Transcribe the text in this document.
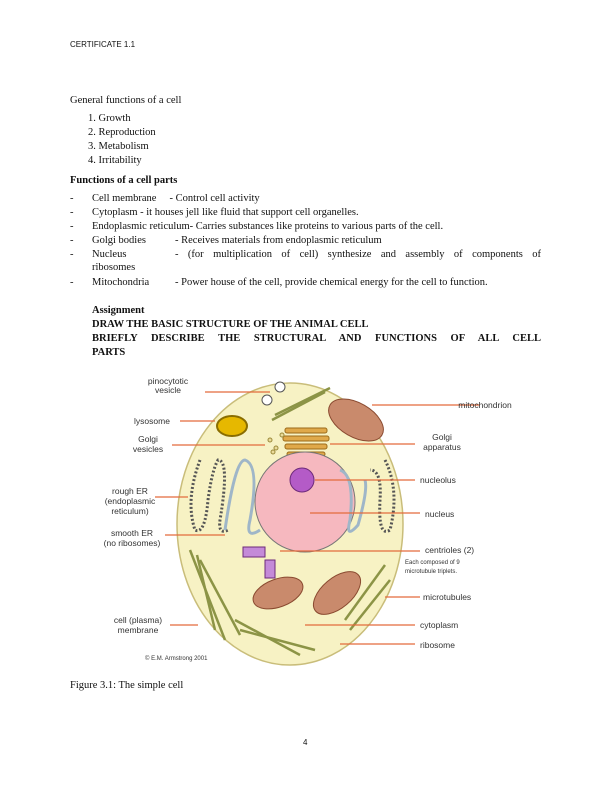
CERTIFICATE 1.1
General functions of a cell
1. Growth
2. Reproduction
3. Metabolism
4. Irritability
Functions of a cell parts
- Cell membrane     - Control cell activity
- Cytoplasm - it houses jell like fluid that support cell organelles.
- Endoplasmic reticulum- Carries substances like proteins to various parts of the cell.
- Golgi bodies	- Receives materials from endoplasmic reticulum
- Nucleus	- (for multiplication of cell) synthesize and assembly of components of
ribosomes
- Mitochondria - Power house of the cell, provide chemical energy for the cell to function.
Assignment
DRAW THE BASIC STRUCTURE OF THE ANIMAL CELL
BRIEFLY DESCRIBE THE STRUCTURAL AND FUNCTIONS OF ALL CELL
PARTS
pinocytotic
vesicle
lysosome
Golgi
vesicles
rough ER
(endoplasmic
reticulum)
smooth ER
(no ribosomes)
cell (plasma)
membrane
mitochondrion
Golgi
apparatus
nucleolus
nucleus
centrioles (2)
Each composed of 9
microtubule triplets.
microtubules
cytoplasm
ribosome
© E.M. Armstrong 2001
Figure 3.1: The simple cell
4
